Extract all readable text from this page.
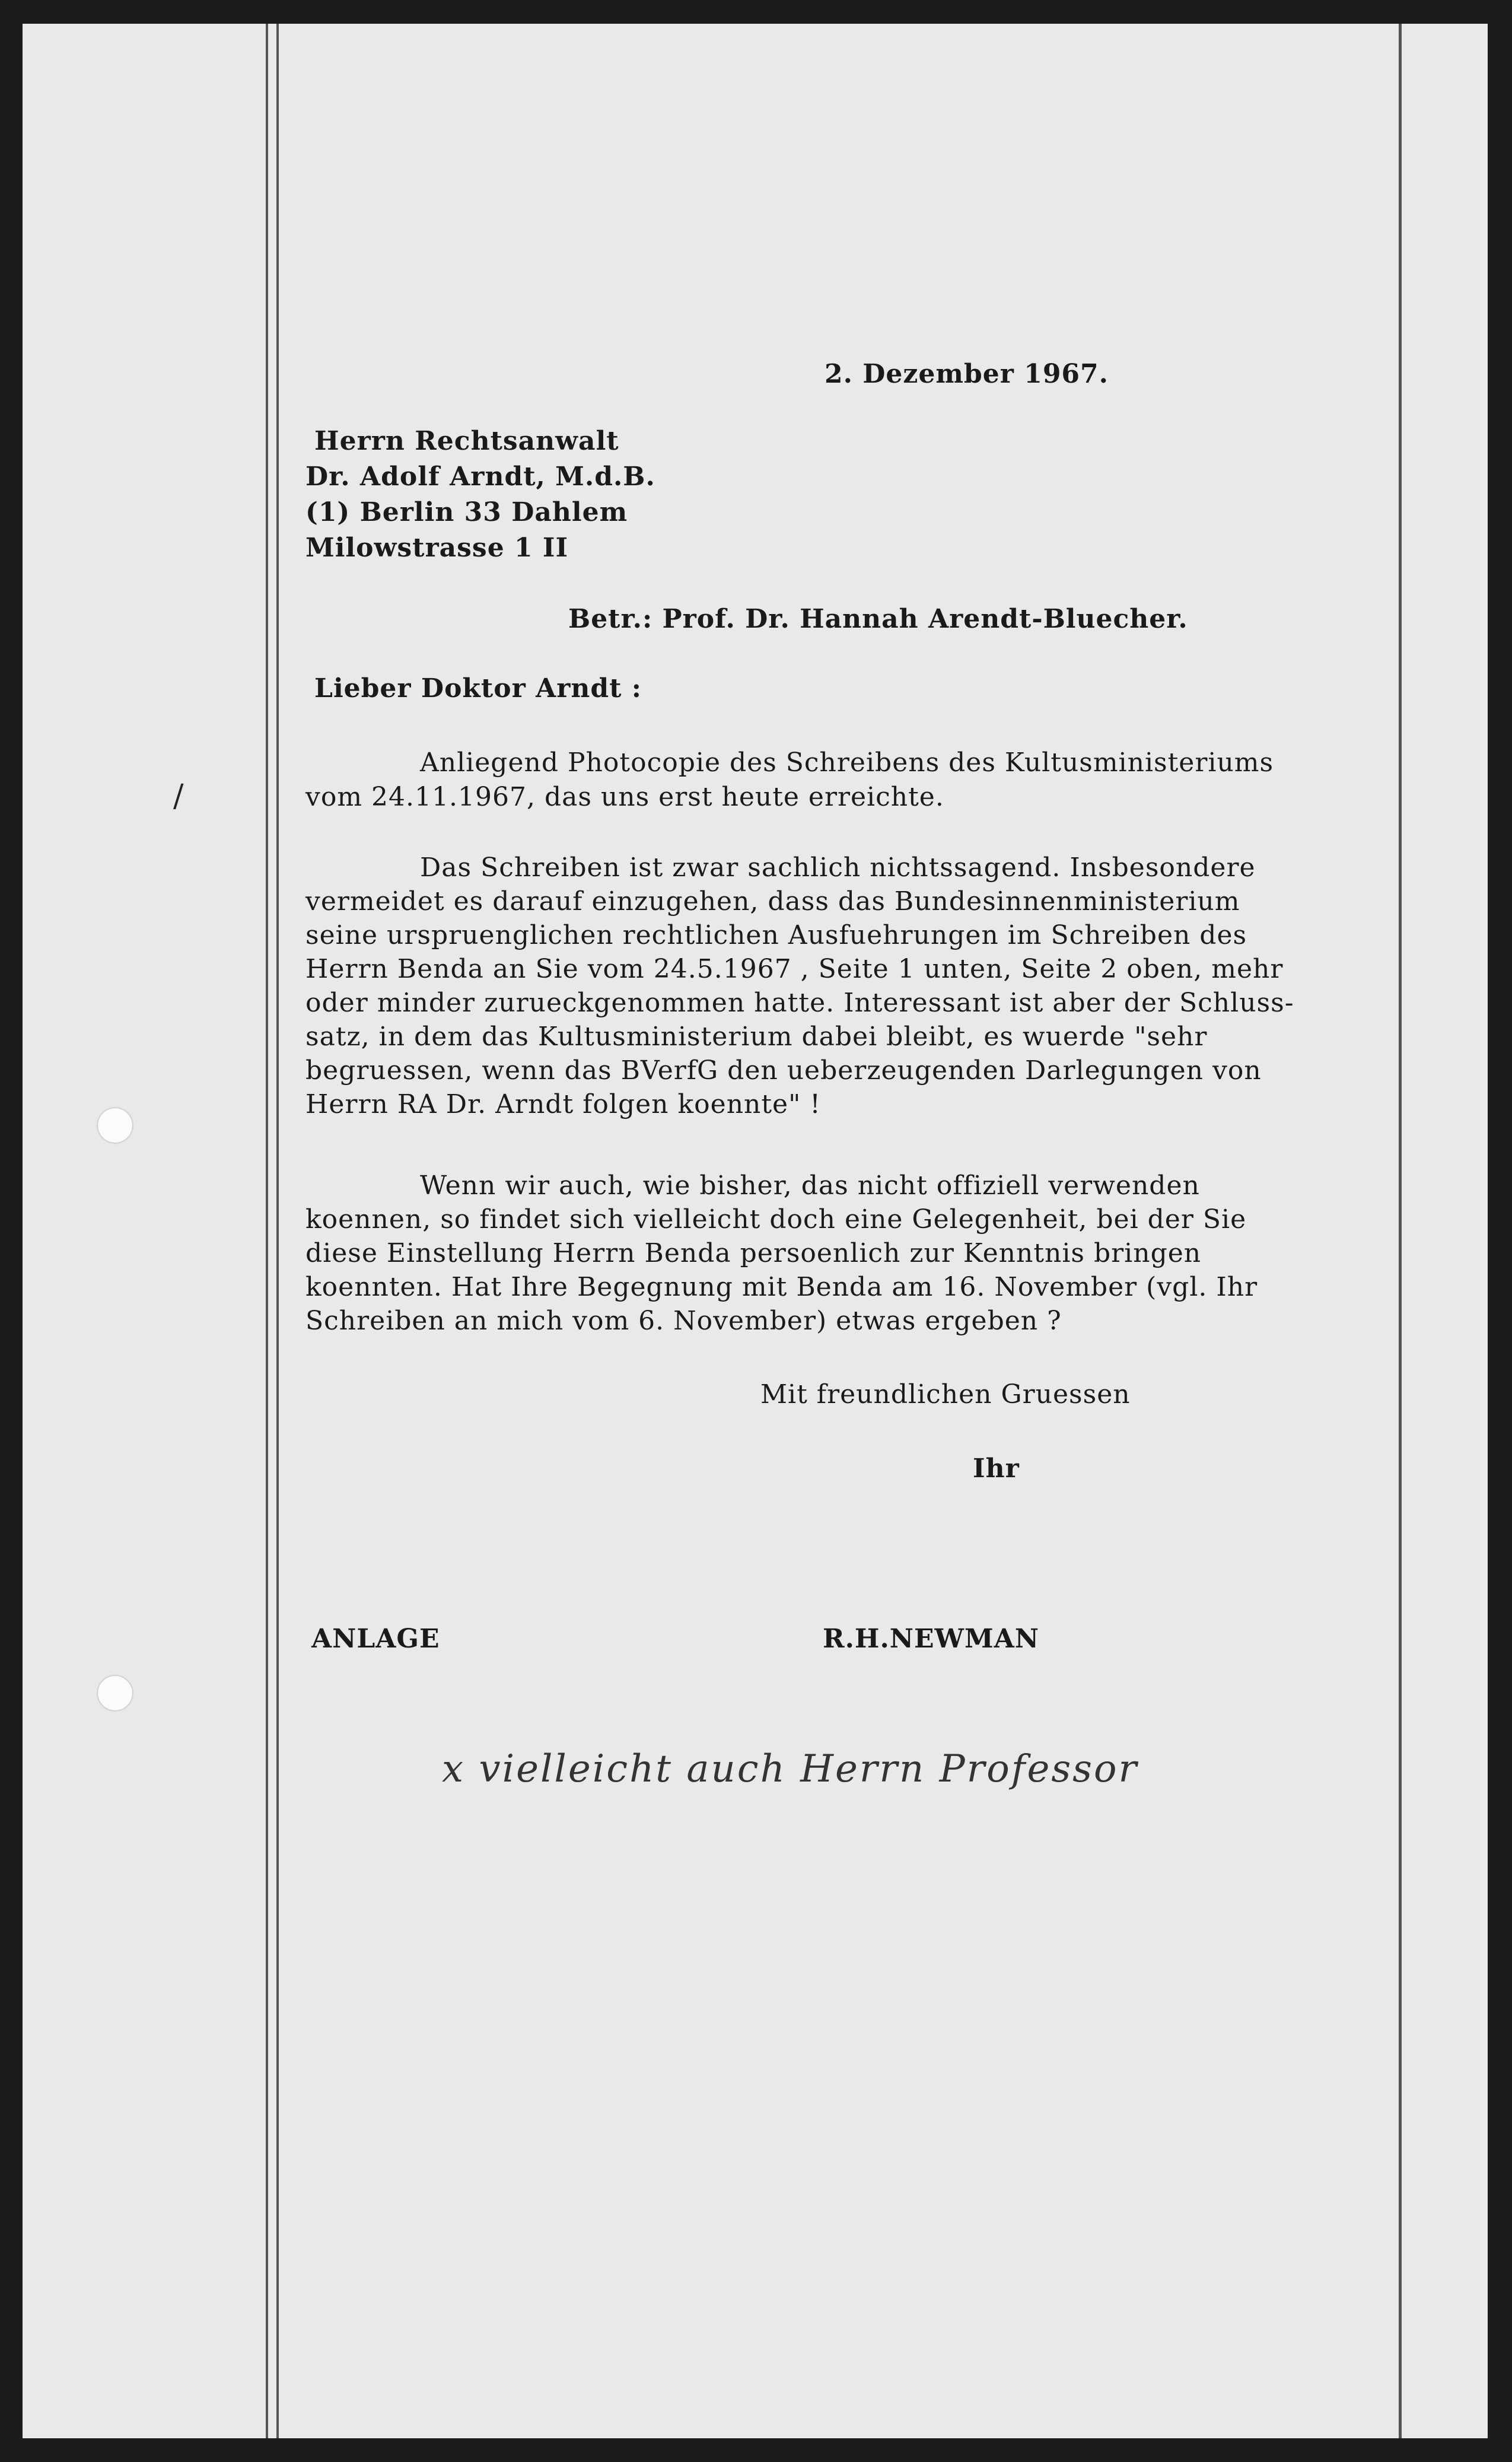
/
2. Dezember 1967.
Herrn Rechtsanwalt
Dr. Adolf Arndt, M.d.B.
(1) Berlin 33 Dahlem
Milowstrasse 1 II
Betr.: Prof. Dr. Hannah Arendt-Bluecher.
Lieber Doktor Arndt :
Anliegend Photocopie des Schreibens des Kultusministeriums
vom 24.11.1967, das uns erst heute erreichte.
Das Schreiben ist zwar sachlich nichtssagend. Insbesondere
vermeidet es darauf einzugehen, dass das Bundesinnenministerium
seine urspruenglichen rechtlichen Ausfuehrungen im Schreiben des
Herrn Benda an Sie vom 24.5.1967 , Seite 1 unten, Seite 2 oben, mehr
oder minder zurueckgenommen hatte. Interessant ist aber der Schluss-
satz, in dem das Kultusministerium dabei bleibt, es wuerde "sehr
begruessen, wenn das BVerfG den ueberzeugenden Darlegungen von
Herrn RA Dr. Arndt folgen koennte" !
Wenn wir auch, wie bisher, das nicht offiziell verwenden
koennen, so findet sich vielleicht doch eine Gelegenheit, bei der Sie
diese Einstellung Herrn Benda persoenlich zur Kenntnis bringen
koennten. Hat Ihre Begegnung mit Benda am 16. November (vgl. Ihr
Schreiben an mich vom 6. November) etwas ergeben ?
Mit freundlichen Gruessen
Ihr
ANLAGE	R.H.NEWMAN
x vielleicht auch Herrn Professor
